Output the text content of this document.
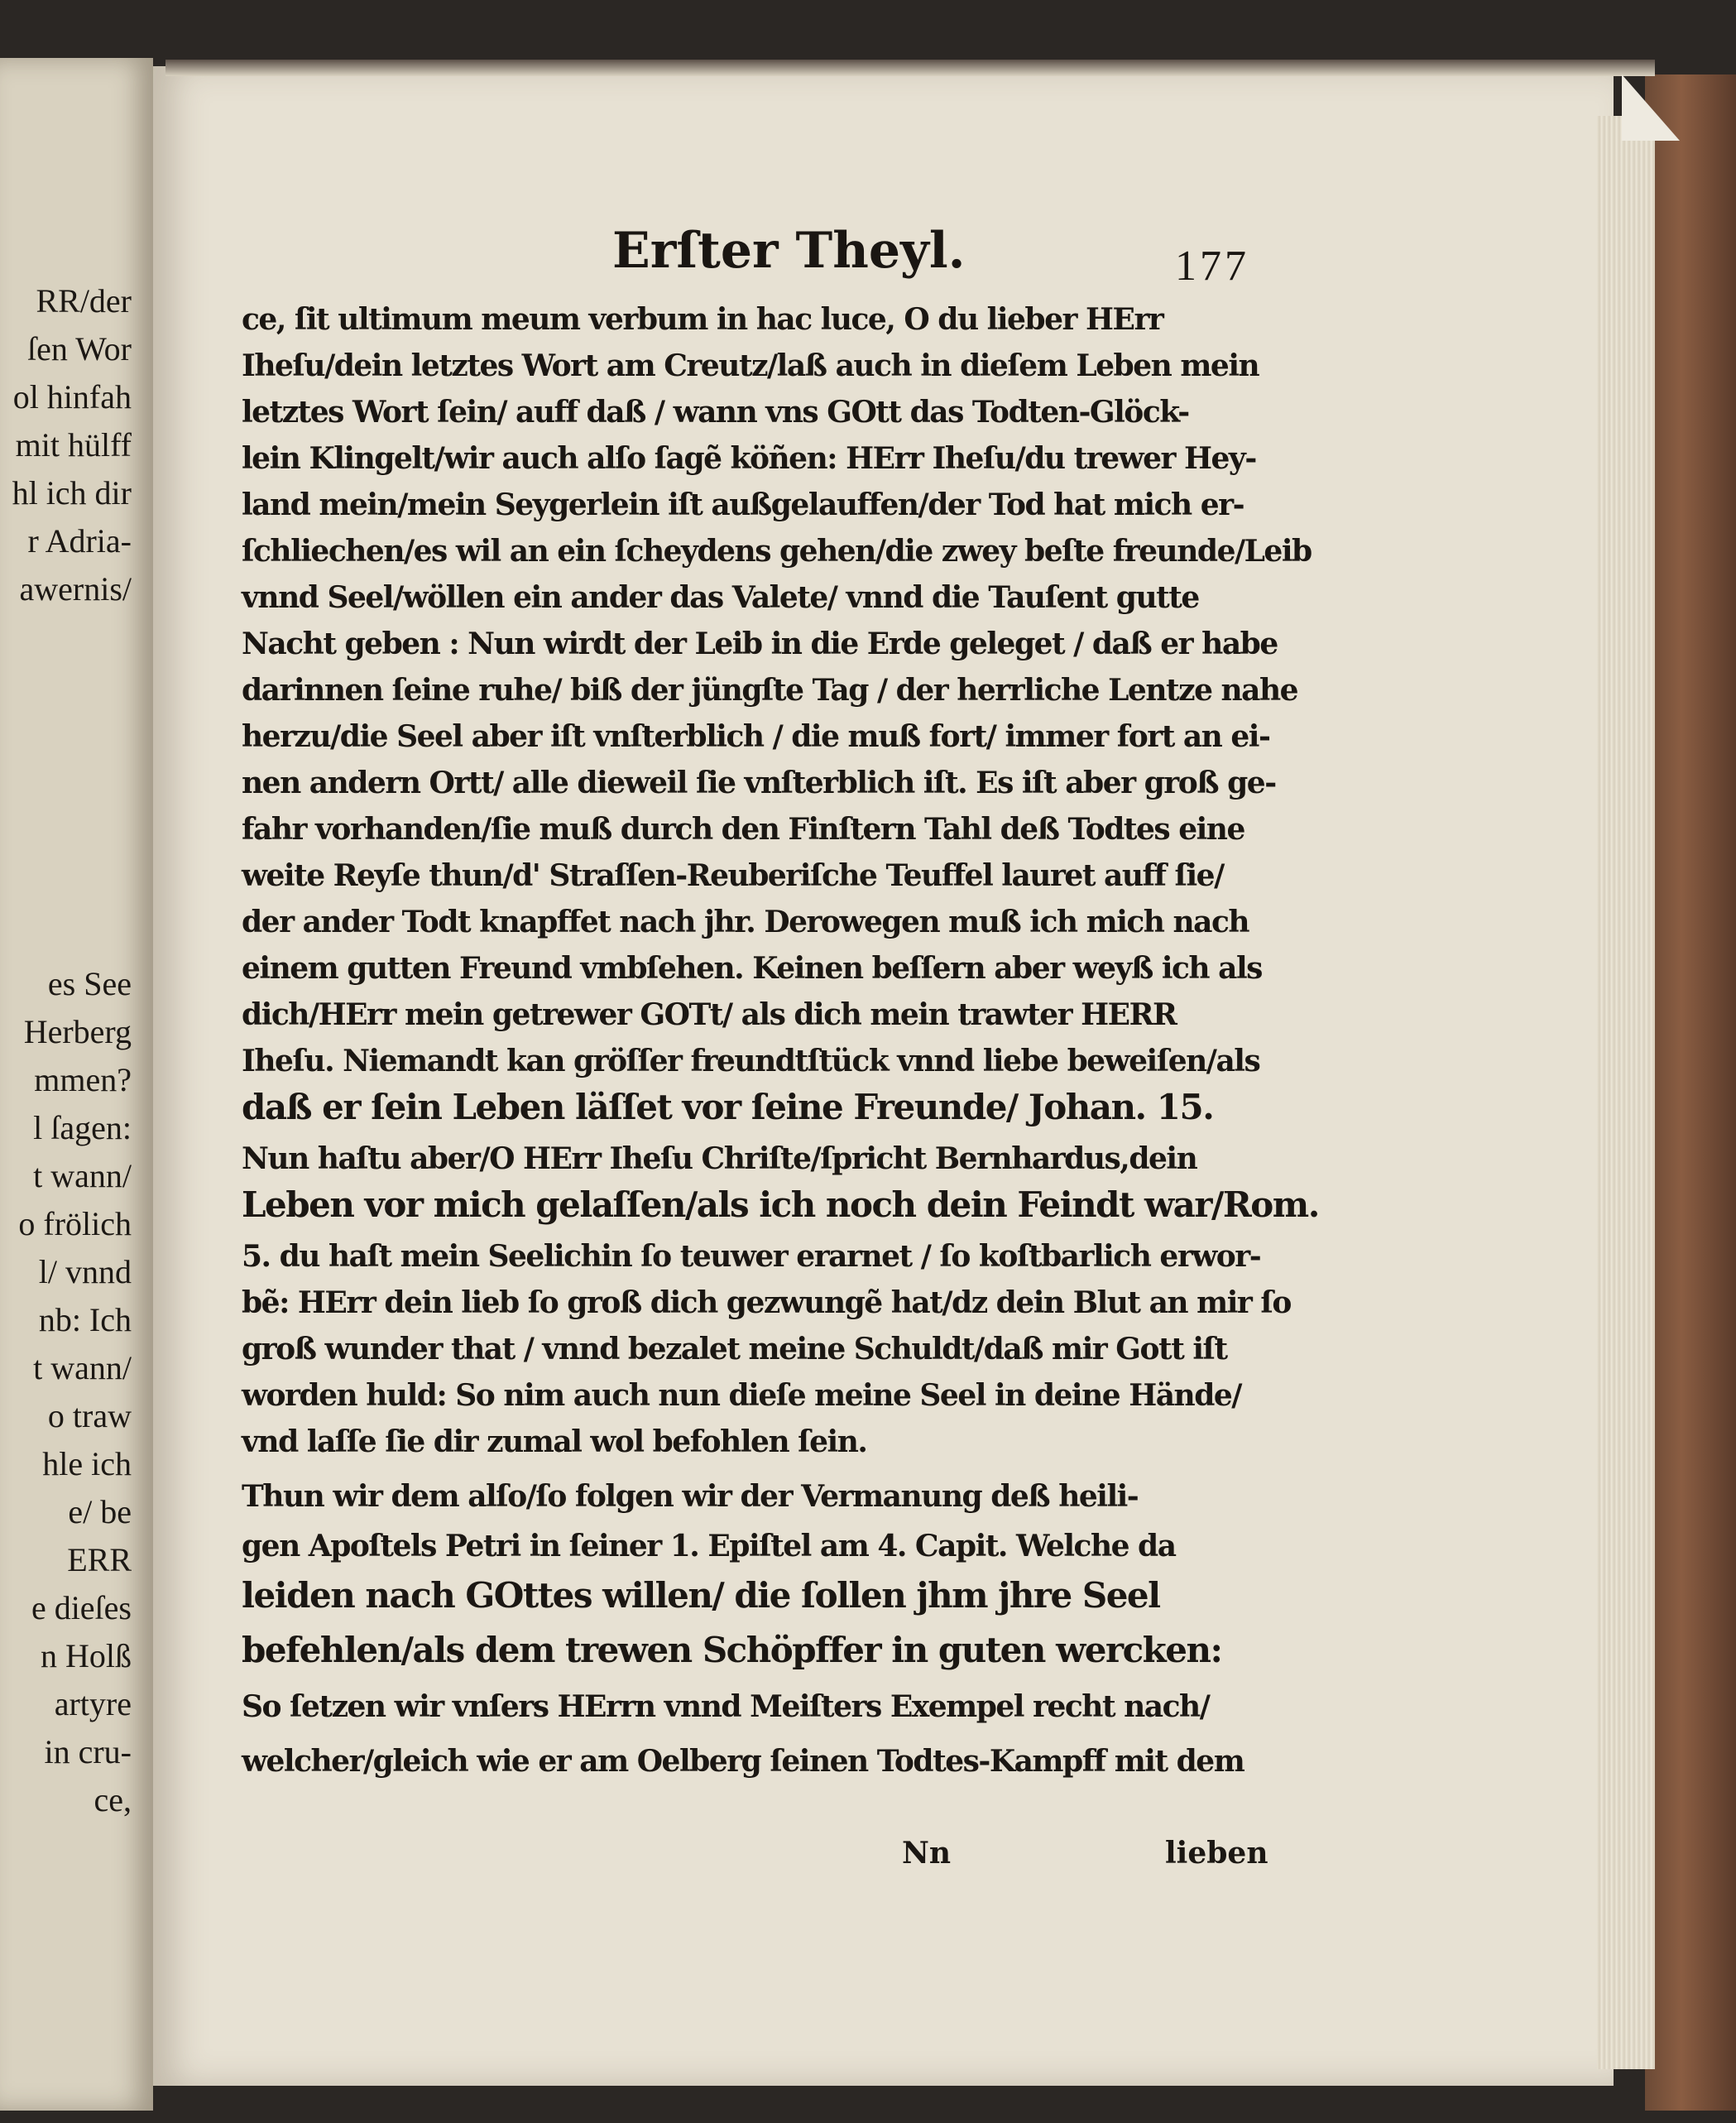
RR/der
ſen Wor
ol hinfah
mit hülff
hl ich dir
r Adria-
awernis/
es See
Herberg
mmen?
l ſagen:
t wann/
o frölich
l/ vnnd
nb: Ich
t wann/
o traw
hle ich
e/ be
ERR
e dieſes
n Holß
artyre
in cru-
ce,
Erſter Theyl.	177
ce, ſit ultimum meum verbum in hac luce, O du lieber HErr
Iheſu/dein letztes Wort am Creutz/laß auch in dieſem Leben mein
letztes Wort ſein/ auff daß / wann vns GOtt das Todten-Glöck-
lein Klingelt/wir auch alſo ſagẽ köñen: HErr Iheſu/du trewer Hey-
land mein/mein Seygerlein iſt außgelauffen/der Tod hat mich er-
ſchliechen/es wil an ein ſcheydens gehen/die zwey beſte freunde/Leib
vnnd Seel/wöllen ein ander das Valete/ vnnd die Tauſent gutte
Nacht geben : Nun wirdt der Leib in die Erde geleget / daß er habe
darinnen ſeine ruhe/ biß der jüngſte Tag / der herrliche Lentze nahe
herzu/die Seel aber iſt vnſterblich / die muß fort/ immer fort an ei-
nen andern Ortt/ alle dieweil ſie vnſterblich iſt. Es iſt aber groß ge-
fahr vorhanden/ſie muß durch den Finſtern Tahl deß Todtes eine
weite Reyſe thun/d' Straſſen-Reuberiſche Teuffel lauret auff ſie/
der ander Todt knapffet nach jhr. Derowegen muß ich mich nach
einem gutten Freund vmbſehen. Keinen beſſern aber weyß ich als
dich/HErr mein getrewer GOTt/ als dich mein trawter HERR
Iheſu. Niemandt kan gröſſer freundtſtück vnnd liebe beweiſen/als
daß er ſein Leben läſſet vor ſeine Freunde/ Johan. 15.
Nun haſtu aber/O HErr Iheſu Chriſte/ſpricht Bernhardus,dein
Leben vor mich gelaſſen/als ich noch dein Feindt war/Rom.
5. du haſt mein Seelichin ſo teuwer erarnet / ſo koſtbarlich erwor-
bẽ: HErr dein lieb ſo groß dich gezwungẽ hat/dz dein Blut an mir ſo
groß wunder that / vnnd bezalet meine Schuldt/daß mir Gott iſt
worden huld: So nim auch nun dieſe meine Seel in deine Hände/
vnd laſſe ſie dir zumal wol befohlen ſein.
Thun wir dem alſo/ſo folgen wir der Vermanung deß heili-
gen Apoſtels Petri in ſeiner 1. Epiſtel am 4. Capit. Welche da
leiden nach GOttes willen/ die ſollen jhm jhre Seel
befehlen/als dem trewen Schöpffer in guten wercken:
So ſetzen wir vnſers HErrn vnnd Meiſters Exempel recht nach/
welcher/gleich wie er am Oelberg ſeinen Todtes-Kampff mit dem
Nn	lieben
